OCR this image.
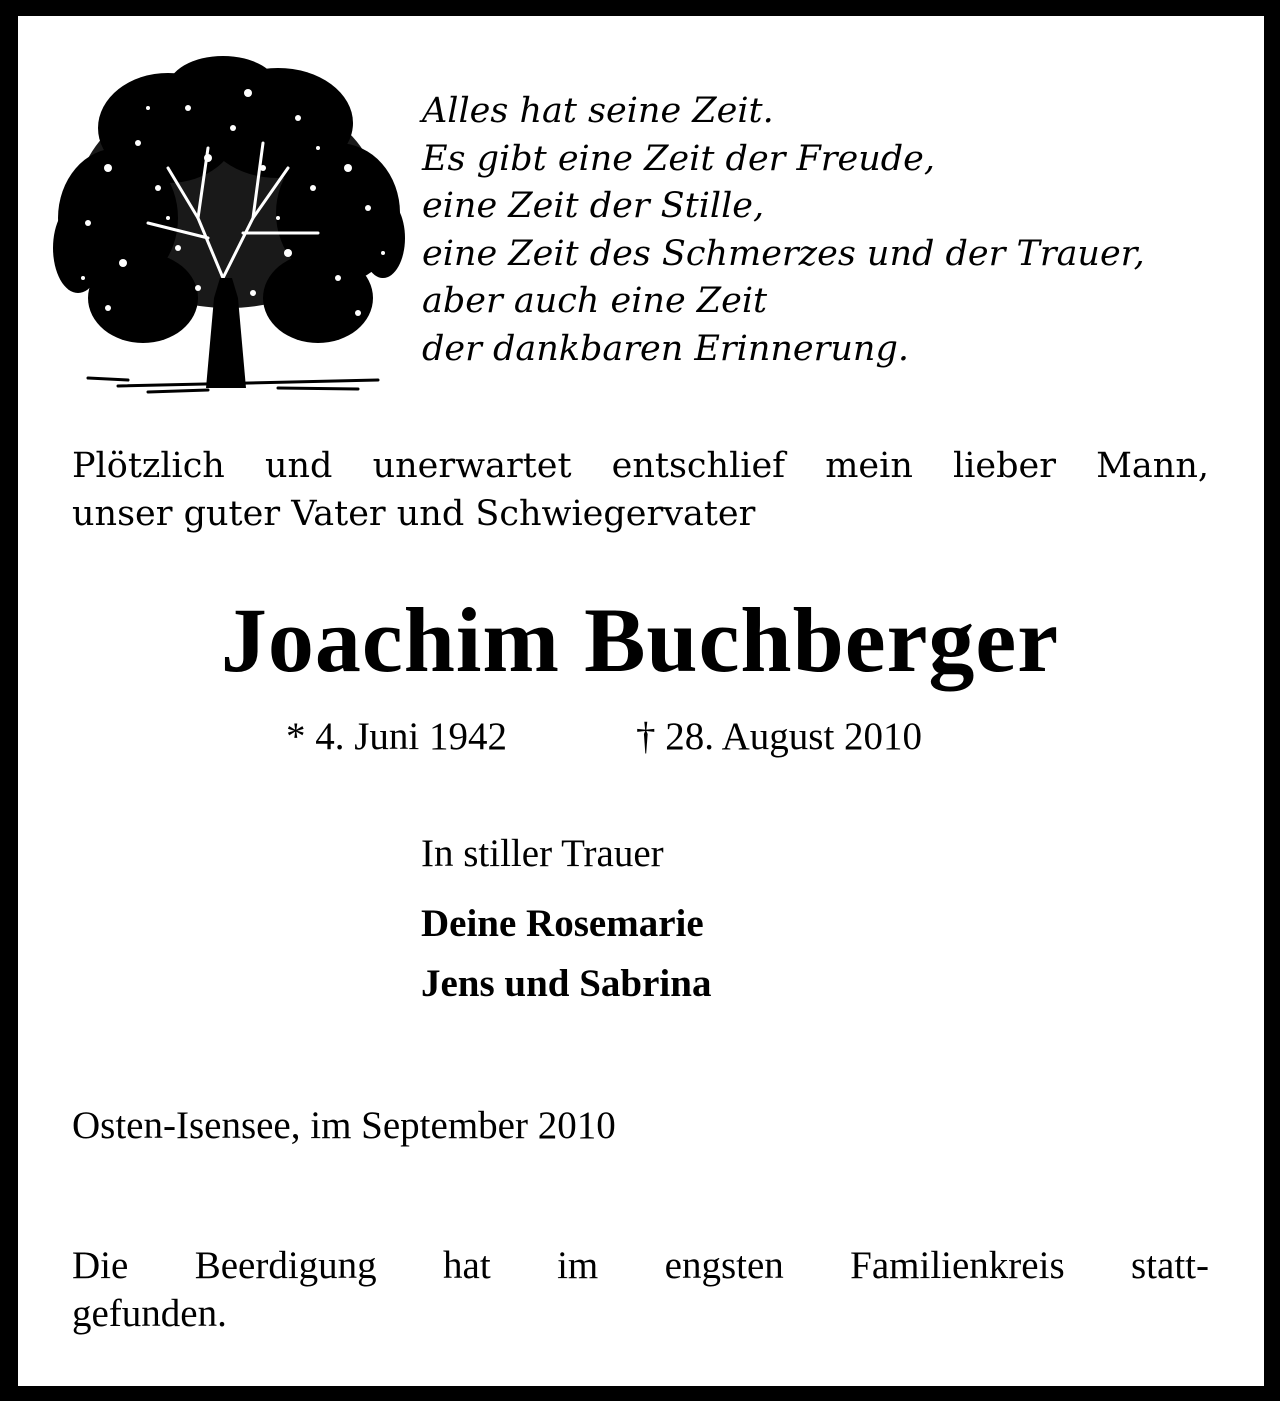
Alles hat seine Zeit.
Es gibt eine Zeit der Freude,
eine Zeit der Stille,
eine Zeit des Schmerzes und der Trauer,
aber auch eine Zeit
der dankbaren Erinnerung.
Plötzlich und unerwartet entschlief mein lieber Mann,
unser guter Vater und Schwiegervater
Joachim Buchberger
* 4. Juni 1942	† 28. August 2010
In stiller Trauer
Deine Rosemarie
Jens und Sabrina
Osten-Isensee, im September 2010
Die Beerdigung hat im engsten Familienkreis statt-
gefunden.
